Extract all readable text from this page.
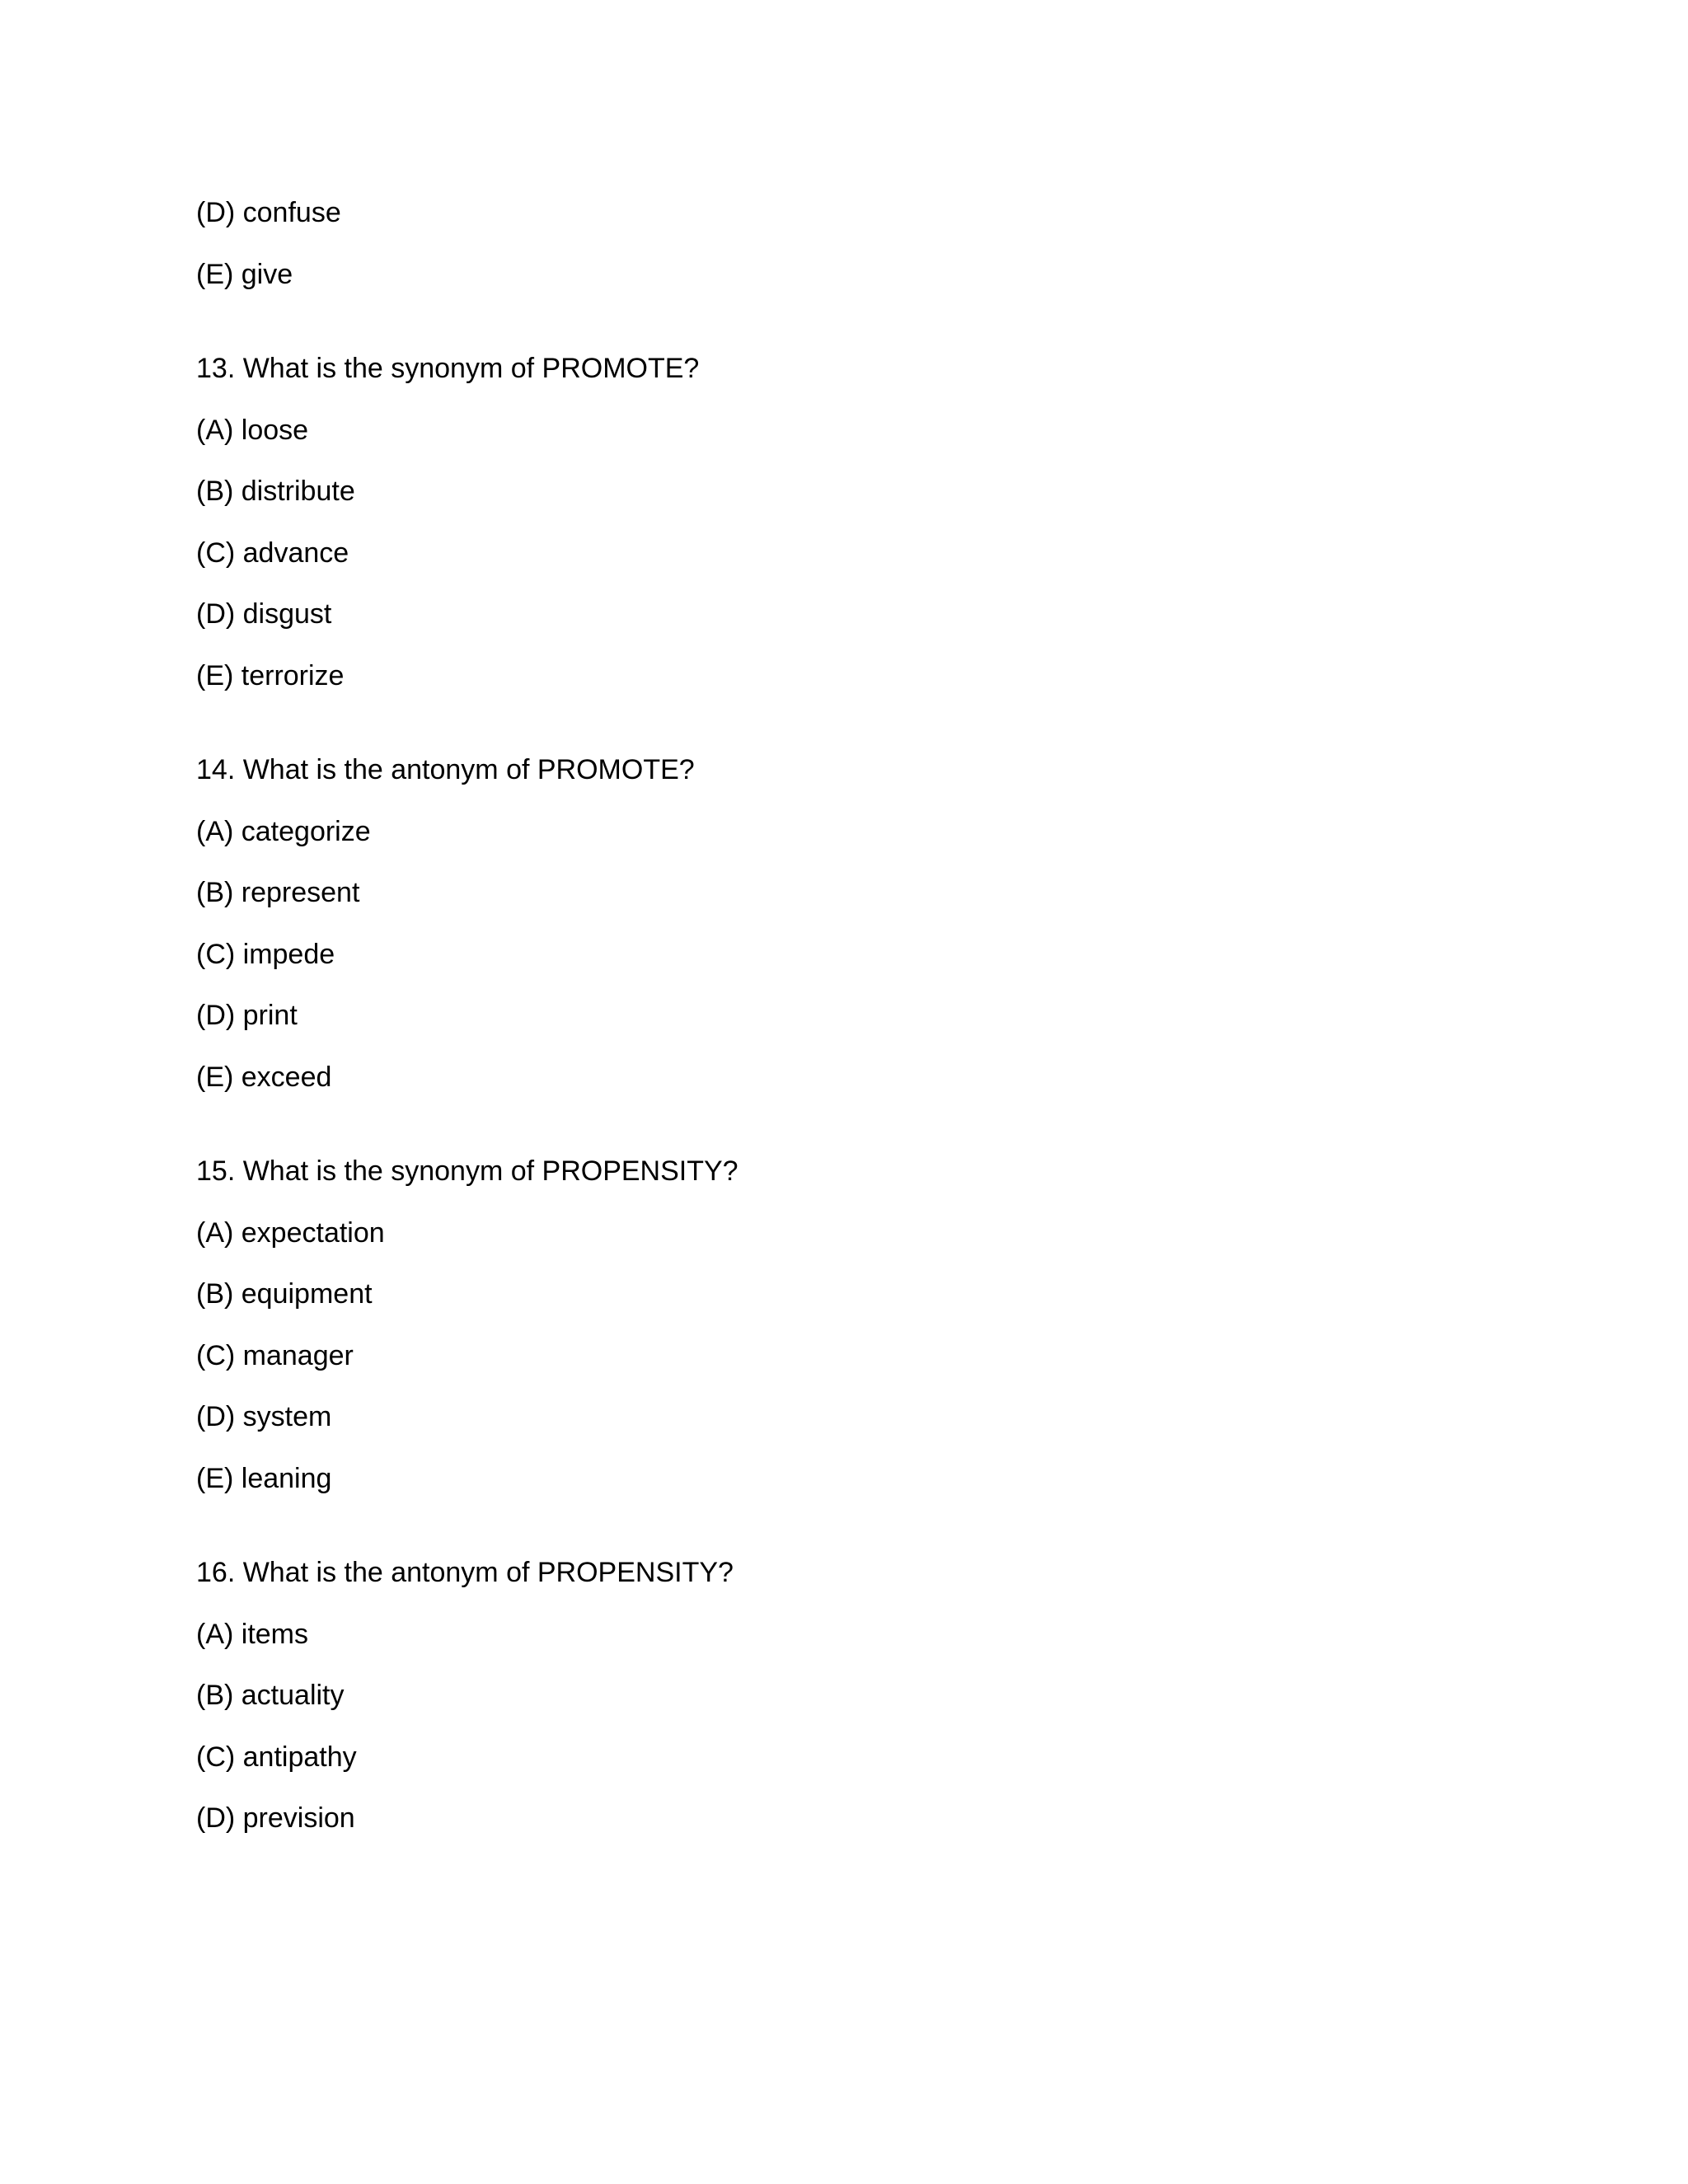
(D) confuse
(E) give
13. What is the synonym of PROMOTE?
(A) loose
(B) distribute
(C) advance
(D) disgust
(E) terrorize
14. What is the antonym of PROMOTE?
(A) categorize
(B) represent
(C) impede
(D) print
(E) exceed
15. What is the synonym of PROPENSITY?
(A) expectation
(B) equipment
(C) manager
(D) system
(E) leaning
16. What is the antonym of PROPENSITY?
(A) items
(B) actuality
(C) antipathy
(D) prevision
